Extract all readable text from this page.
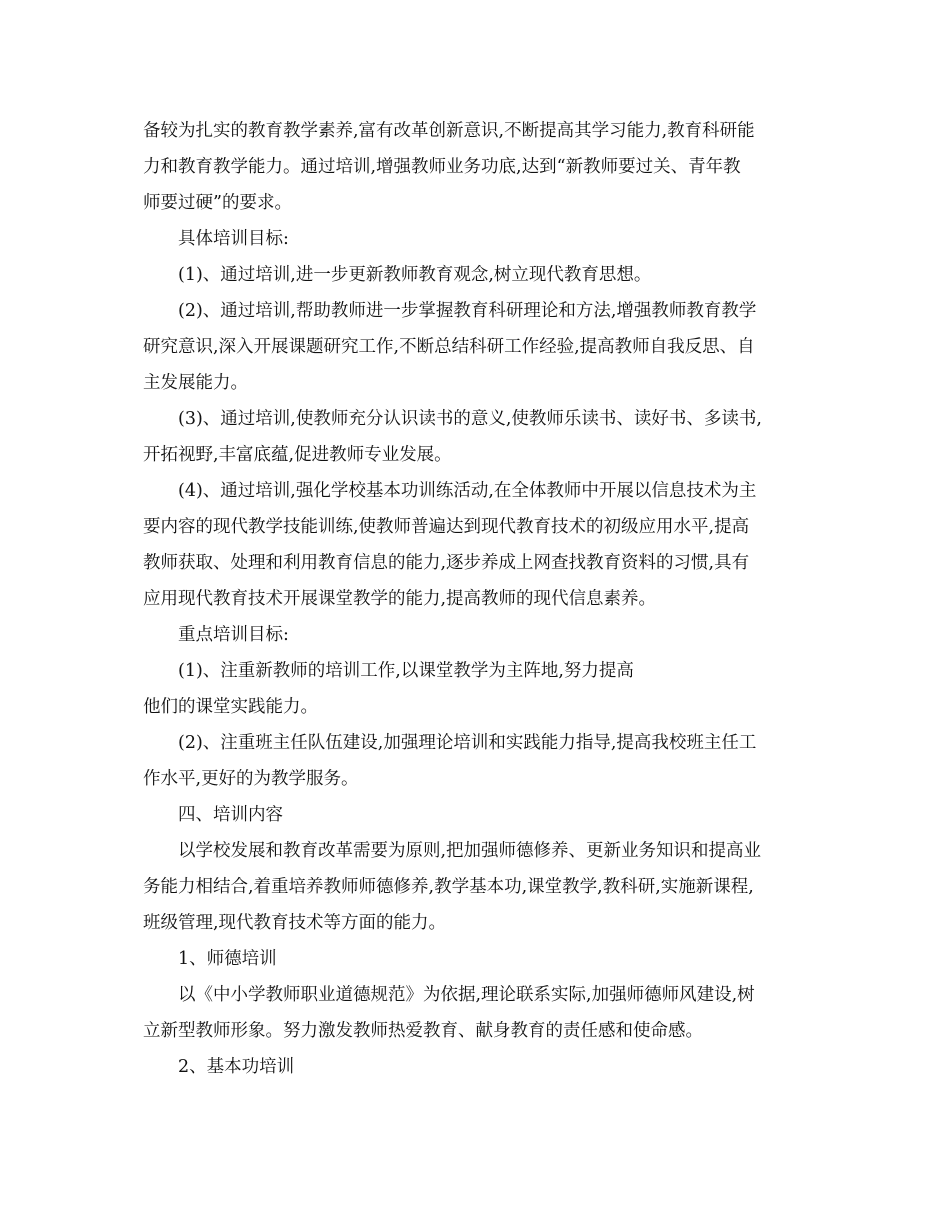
备较为扎实的教育教学素养,富有改革创新意识,不断提高其学习能力,教育科研能
力和教育教学能力。通过培训,增强教师业务功底,达到“新教师要过关、青年教
师要过硬”的要求。

具体培训目标:

(1)、通过培训,进一步更新教师教育观念,树立现代教育思想。

(2)、通过培训,帮助教师进一步掌握教育科研理论和方法,增强教师教育教学
研究意识,深入开展课题研究工作,不断总结科研工作经验,提高教师自我反思、自
主发展能力。

(3)、通过培训,使教师充分认识读书的意义,使教师乐读书、读好书、多读书,
开拓视野,丰富底蕴,促进教师专业发展。

(4)、通过培训,强化学校基本功训练活动,在全体教师中开展以信息技术为主
要内容的现代教学技能训练,使教师普遍达到现代教育技术的初级应用水平,提高
教师获取、处理和利用教育信息的能力,逐步养成上网查找教育资料的习惯,具有
应用现代教育技术开展课堂教学的能力,提高教师的现代信息素养。

重点培训目标:

(1)、注重新教师的培训工作,以课堂教学为主阵地,努力提高

他们的课堂实践能力。

(2)、注重班主任队伍建设,加强理论培训和实践能力指导,提高我校班主任工
作水平,更好的为教学服务。

四、培训内容

以学校发展和教育改革需要为原则,把加强师德修养、更新业务知识和提高业
务能力相结合,着重培养教师师德修养,教学基本功,课堂教学,教科研,实施新课程,
班级管理,现代教育技术等方面的能力。

1、师德培训

以《中小学教师职业道德规范》为依据,理论联系实际,加强师德师风建设,树
立新型教师形象。努力激发教师热爱教育、献身教育的责任感和使命感。

2、基本功培训
